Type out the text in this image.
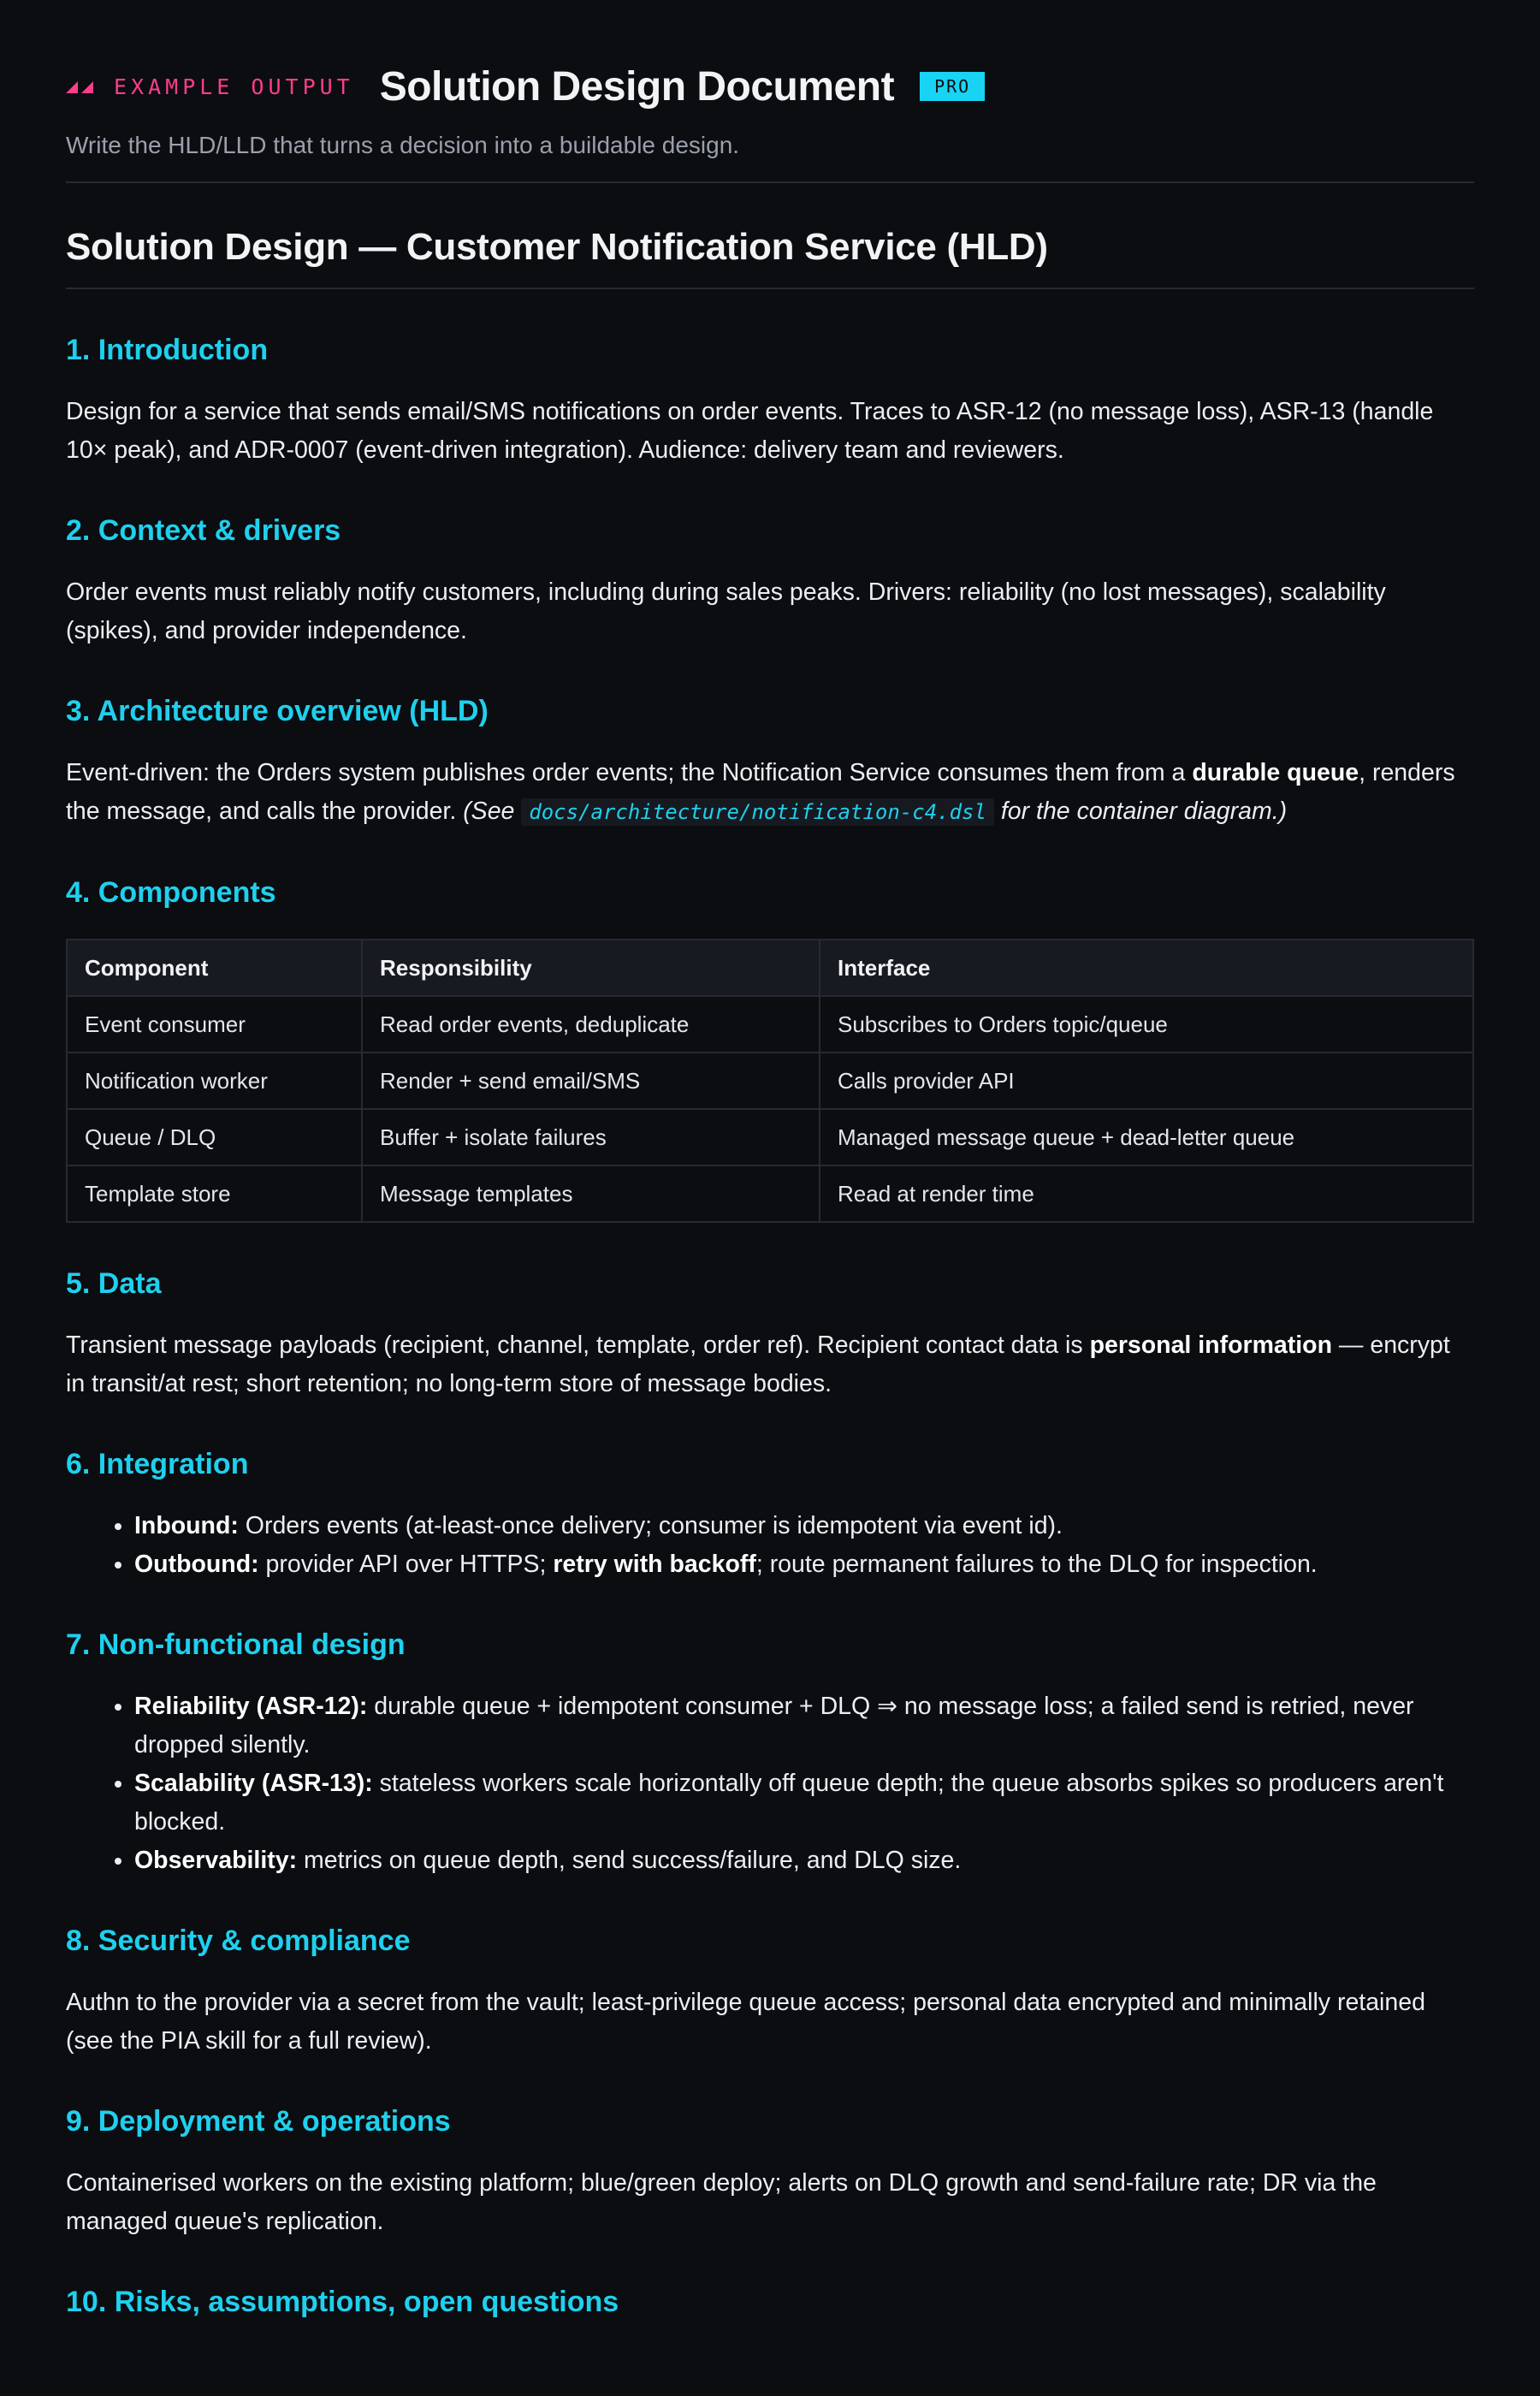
EXAMPLE OUTPUT Solution Design Document	PRO
Write the HLD/LLD that turns a decision into a buildable design.
Solution Design — Customer Notification Service (HLD)
1. Introduction

Design for a service that sends email/SMS notifications on order events. Traces to ASR-12 (no message loss), ASR-13 (handle 10× peak), and ADR-0007 (event-driven integration). Audience: delivery team and reviewers.

2. Context & drivers

Order events must reliably notify customers, including during sales peaks. Drivers: reliability (no lost messages), scalability (spikes), and provider independence.

3. Architecture overview (HLD)

Event-driven: the Orders system publishes order events; the Notification Service consumes them from a durable queue, renders the message, and calls the provider. (See docs/architecture/notification-c4.dsl for the container diagram.)

4. Components
Component	Responsibility	Interface
Event consumer	Read order events, deduplicate	Subscribes to Orders topic/queue
Notification worker	Render + send email/SMS	Calls provider API
Queue / DLQ	Buffer + isolate failures	Managed message queue + dead-letter queue
Template store	Message templates	Read at render time
5. Data

Transient message payloads (recipient, channel, template, order ref). Recipient contact data is personal information — encrypt in transit/at rest; short retention; no long-term store of message bodies.

6. Integration
• Inbound: Orders events (at-least-once delivery; consumer is idempotent via event id).
• Outbound: provider API over HTTPS; retry with backoff; route permanent failures to the DLQ for inspection.
7. Non-functional design
• Reliability (ASR-12): durable queue + idempotent consumer + DLQ ⇒ no message loss; a failed send is retried, never dropped silently.
• Scalability (ASR-13): stateless workers scale horizontally off queue depth; the queue absorbs spikes so producers aren't blocked.
• Observability: metrics on queue depth, send success/failure, and DLQ size.
8. Security & compliance

Authn to the provider via a secret from the vault; least-privilege queue access; personal data encrypted and minimally retained (see the PIA skill for a full review).

9. Deployment & operations

Containerised workers on the existing platform; blue/green deploy; alerts on DLQ growth and send-failure rate; DR via the managed queue's replication.

10. Risks, assumptions, open questions
